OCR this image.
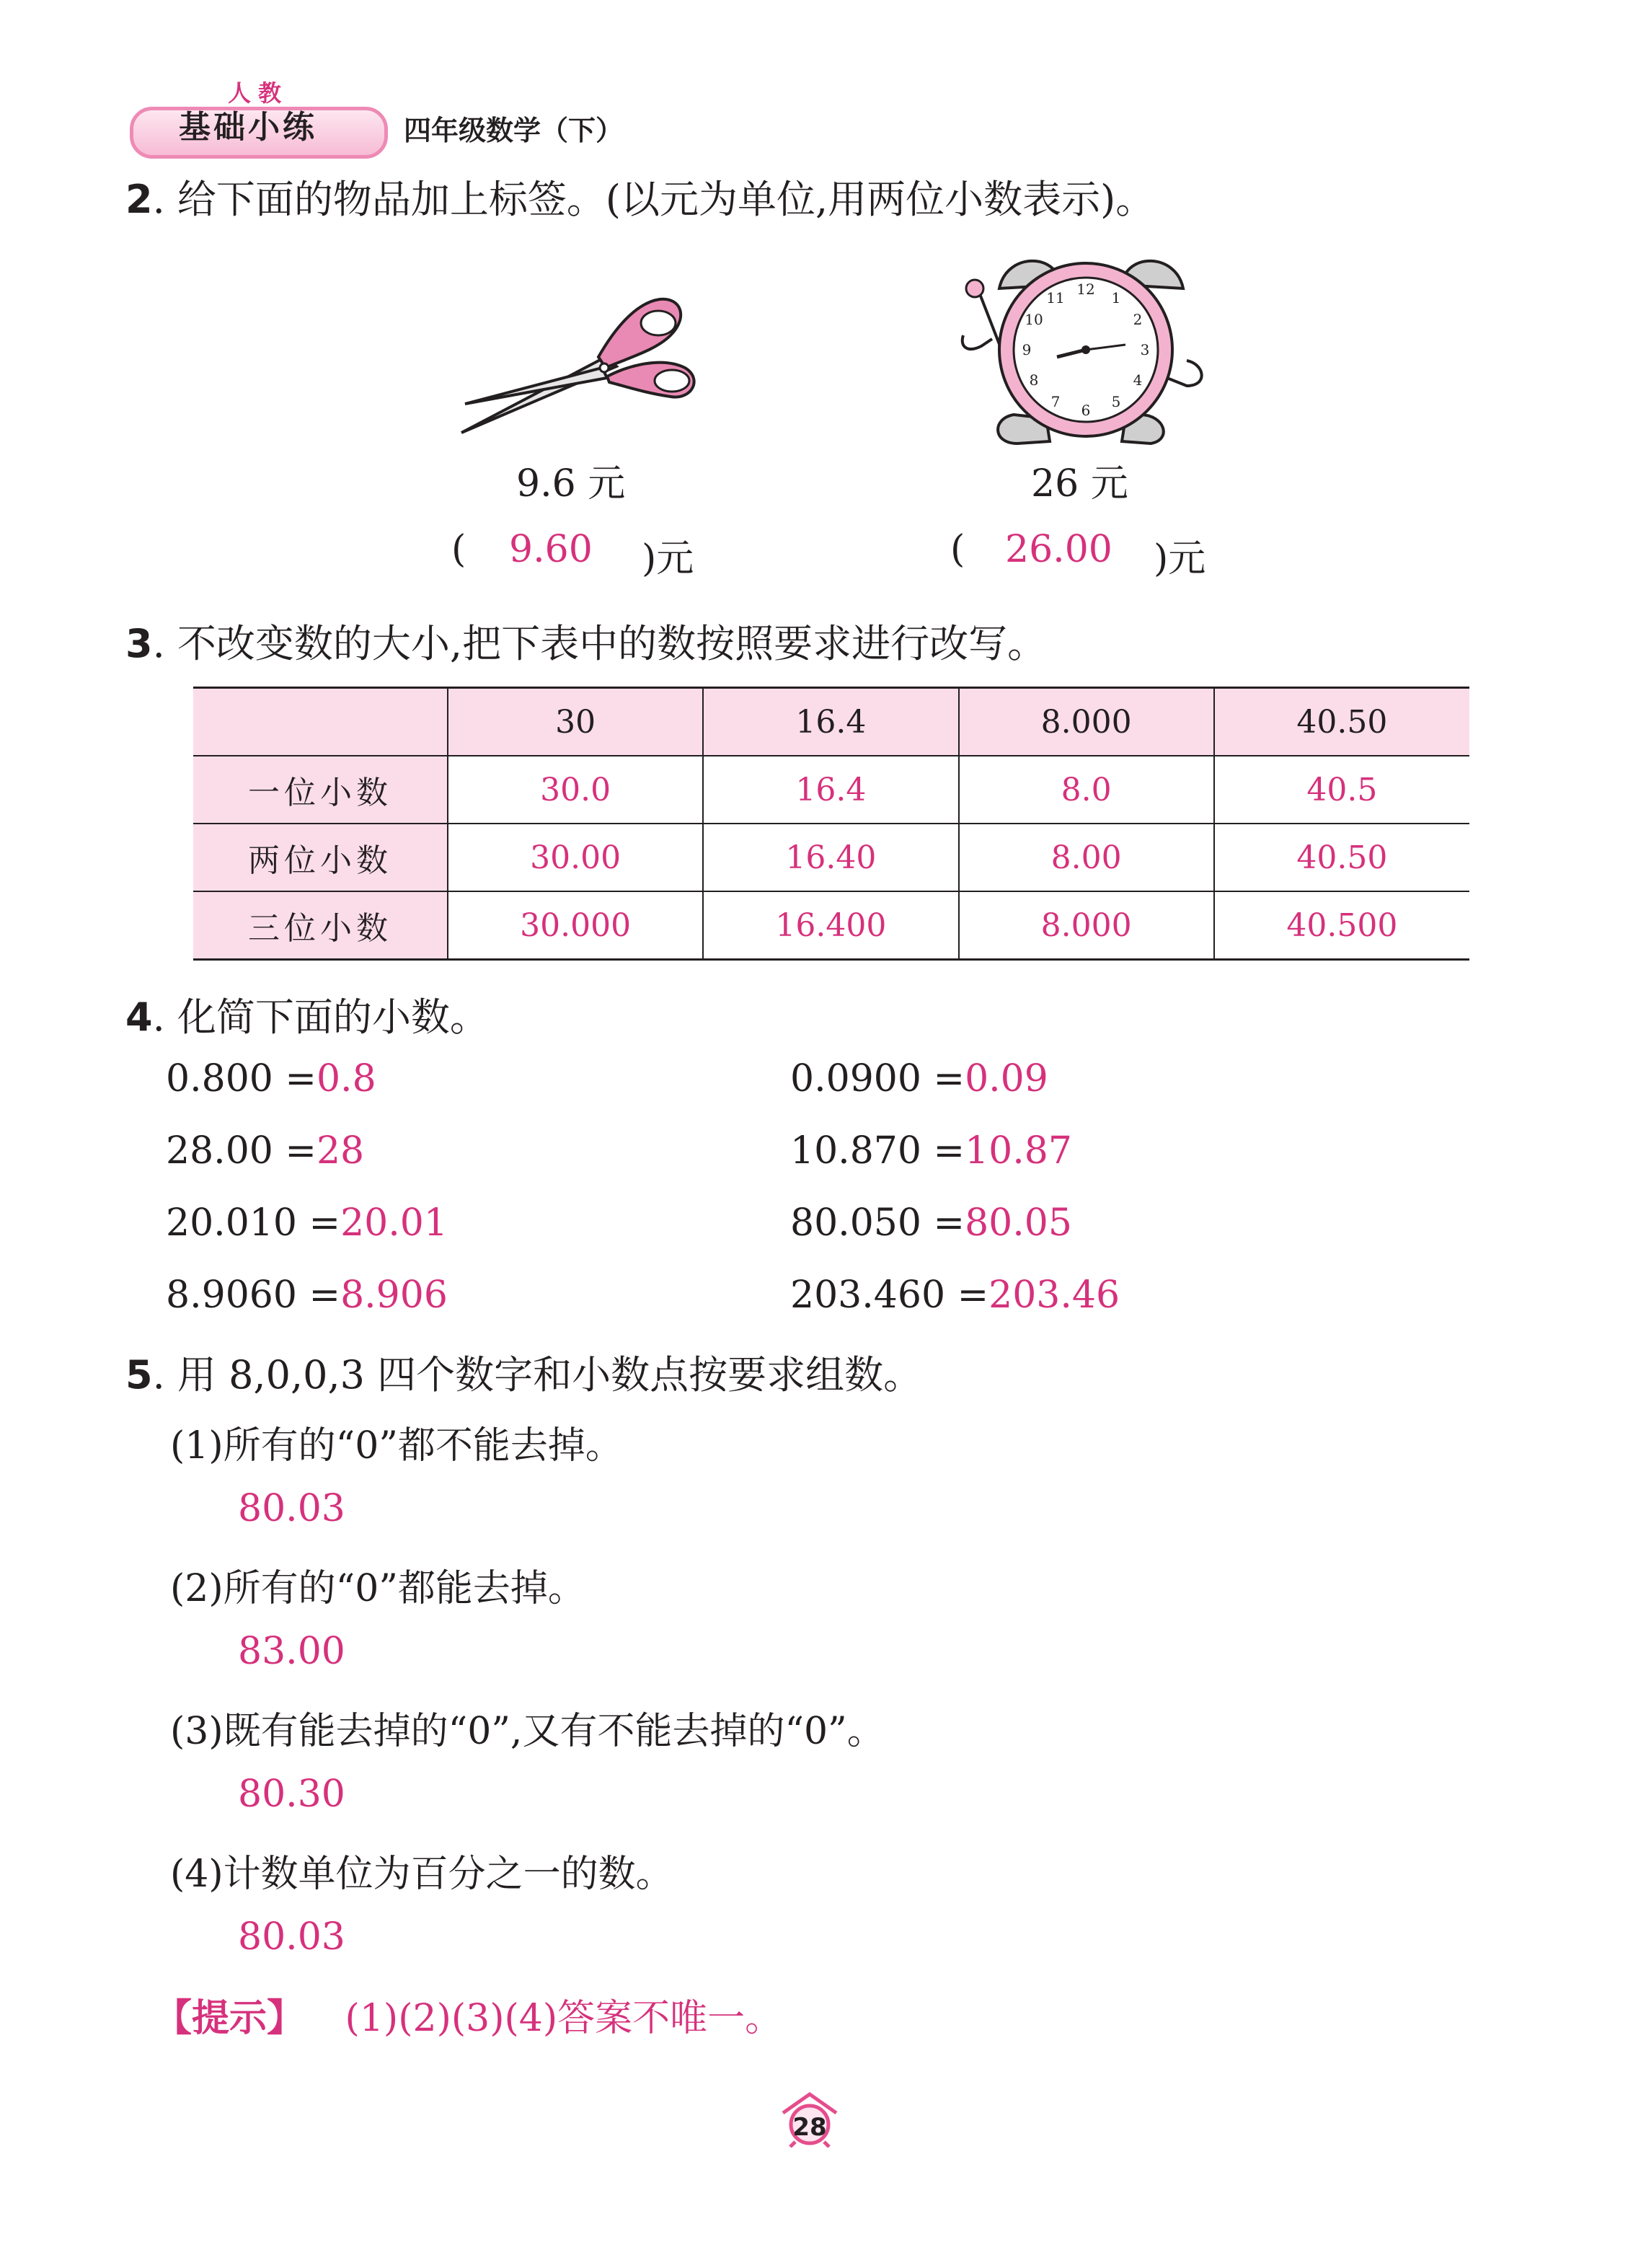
人教
基础小练	四年级数学（下）
2. 给下面的物品加上标签。(以元为单位,用两位小数表示)。
12 1
2
3
4
5
6
7
8
9
10
11
9.6 元	26 元
( 9.60 )元	( 26.00 )元
3. 不改变数的大小,把下表中的数按照要求进行改写。
	30	16.4	8.000	40.50
一位小数	30.0	16.4	8.0	40.5
两位小数	30.00	16.40	8.00	40.50
三位小数	30.000	16.400	8.000	40.500
4. 化简下面的小数。
0.800 =0.8	0.0900 =0.09
28.00 =28	10.870 =10.87
20.010 =20.01	80.050 =80.05
8.9060 =8.906	203.460 =203.46
5. 用 8,0,0,3 四个数字和小数点按要求组数。
(1)所有的“0”都不能去掉。
80.03
(2)所有的“0”都能去掉。
83.00
(3)既有能去掉的“0”,又有不能去掉的“0”。
80.30
(4)计数单位为百分之一的数。
80.03
【提示】 (1)(2)(3)(4)答案不唯一。
28
